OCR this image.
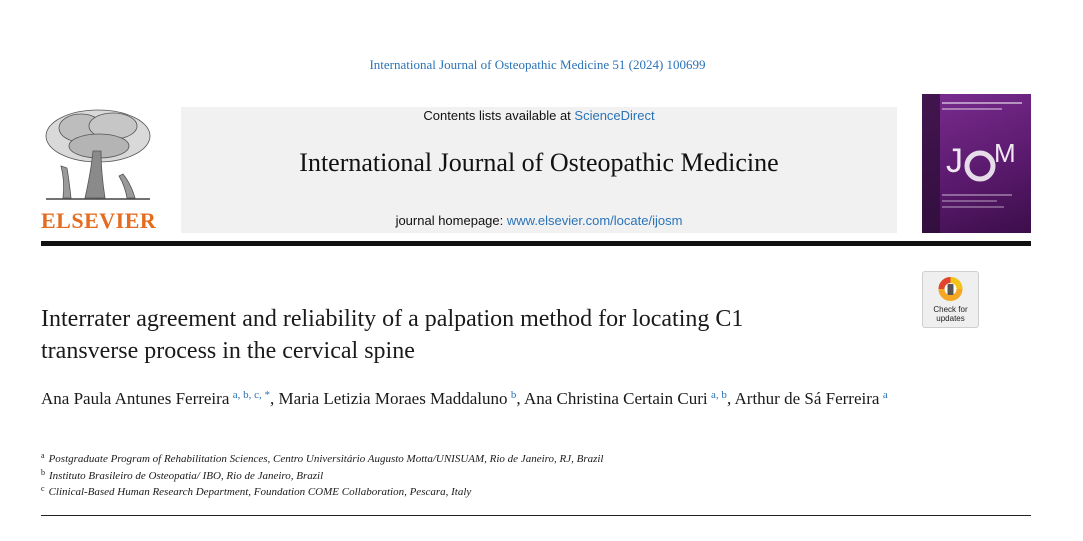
International Journal of Osteopathic Medicine 51 (2024) 100699
ELSEVIER
Contents lists available at ScienceDirect
International Journal of Osteopathic Medicine
journal homepage: www.elsevier.com/locate/ijosm
J M
Check for
updates
Interrater agreement and reliability of a palpation method for locating C1
transverse process in the cervical spine
Ana Paula Antunes Ferreira  $^{a, b, c, *}$, Maria Letizia Moraes Maddaluno  $^b$, Ana Christina Certain Curi  $^{a, b}$, Arthur de Sá Ferreira  $^a$
$^a$ Postgraduate Program of Rehabilitation Sciences, Centro Universitário Augusto Motta/UNISUAM, Rio de Janeiro, RJ, Brazil
$^b$ Instituto Brasileiro de Osteopatia/ IBO, Rio de Janeiro, Brazil
$^c$ Clinical-Based Human Research Department, Foundation COME Collaboration, Pescara, Italy
